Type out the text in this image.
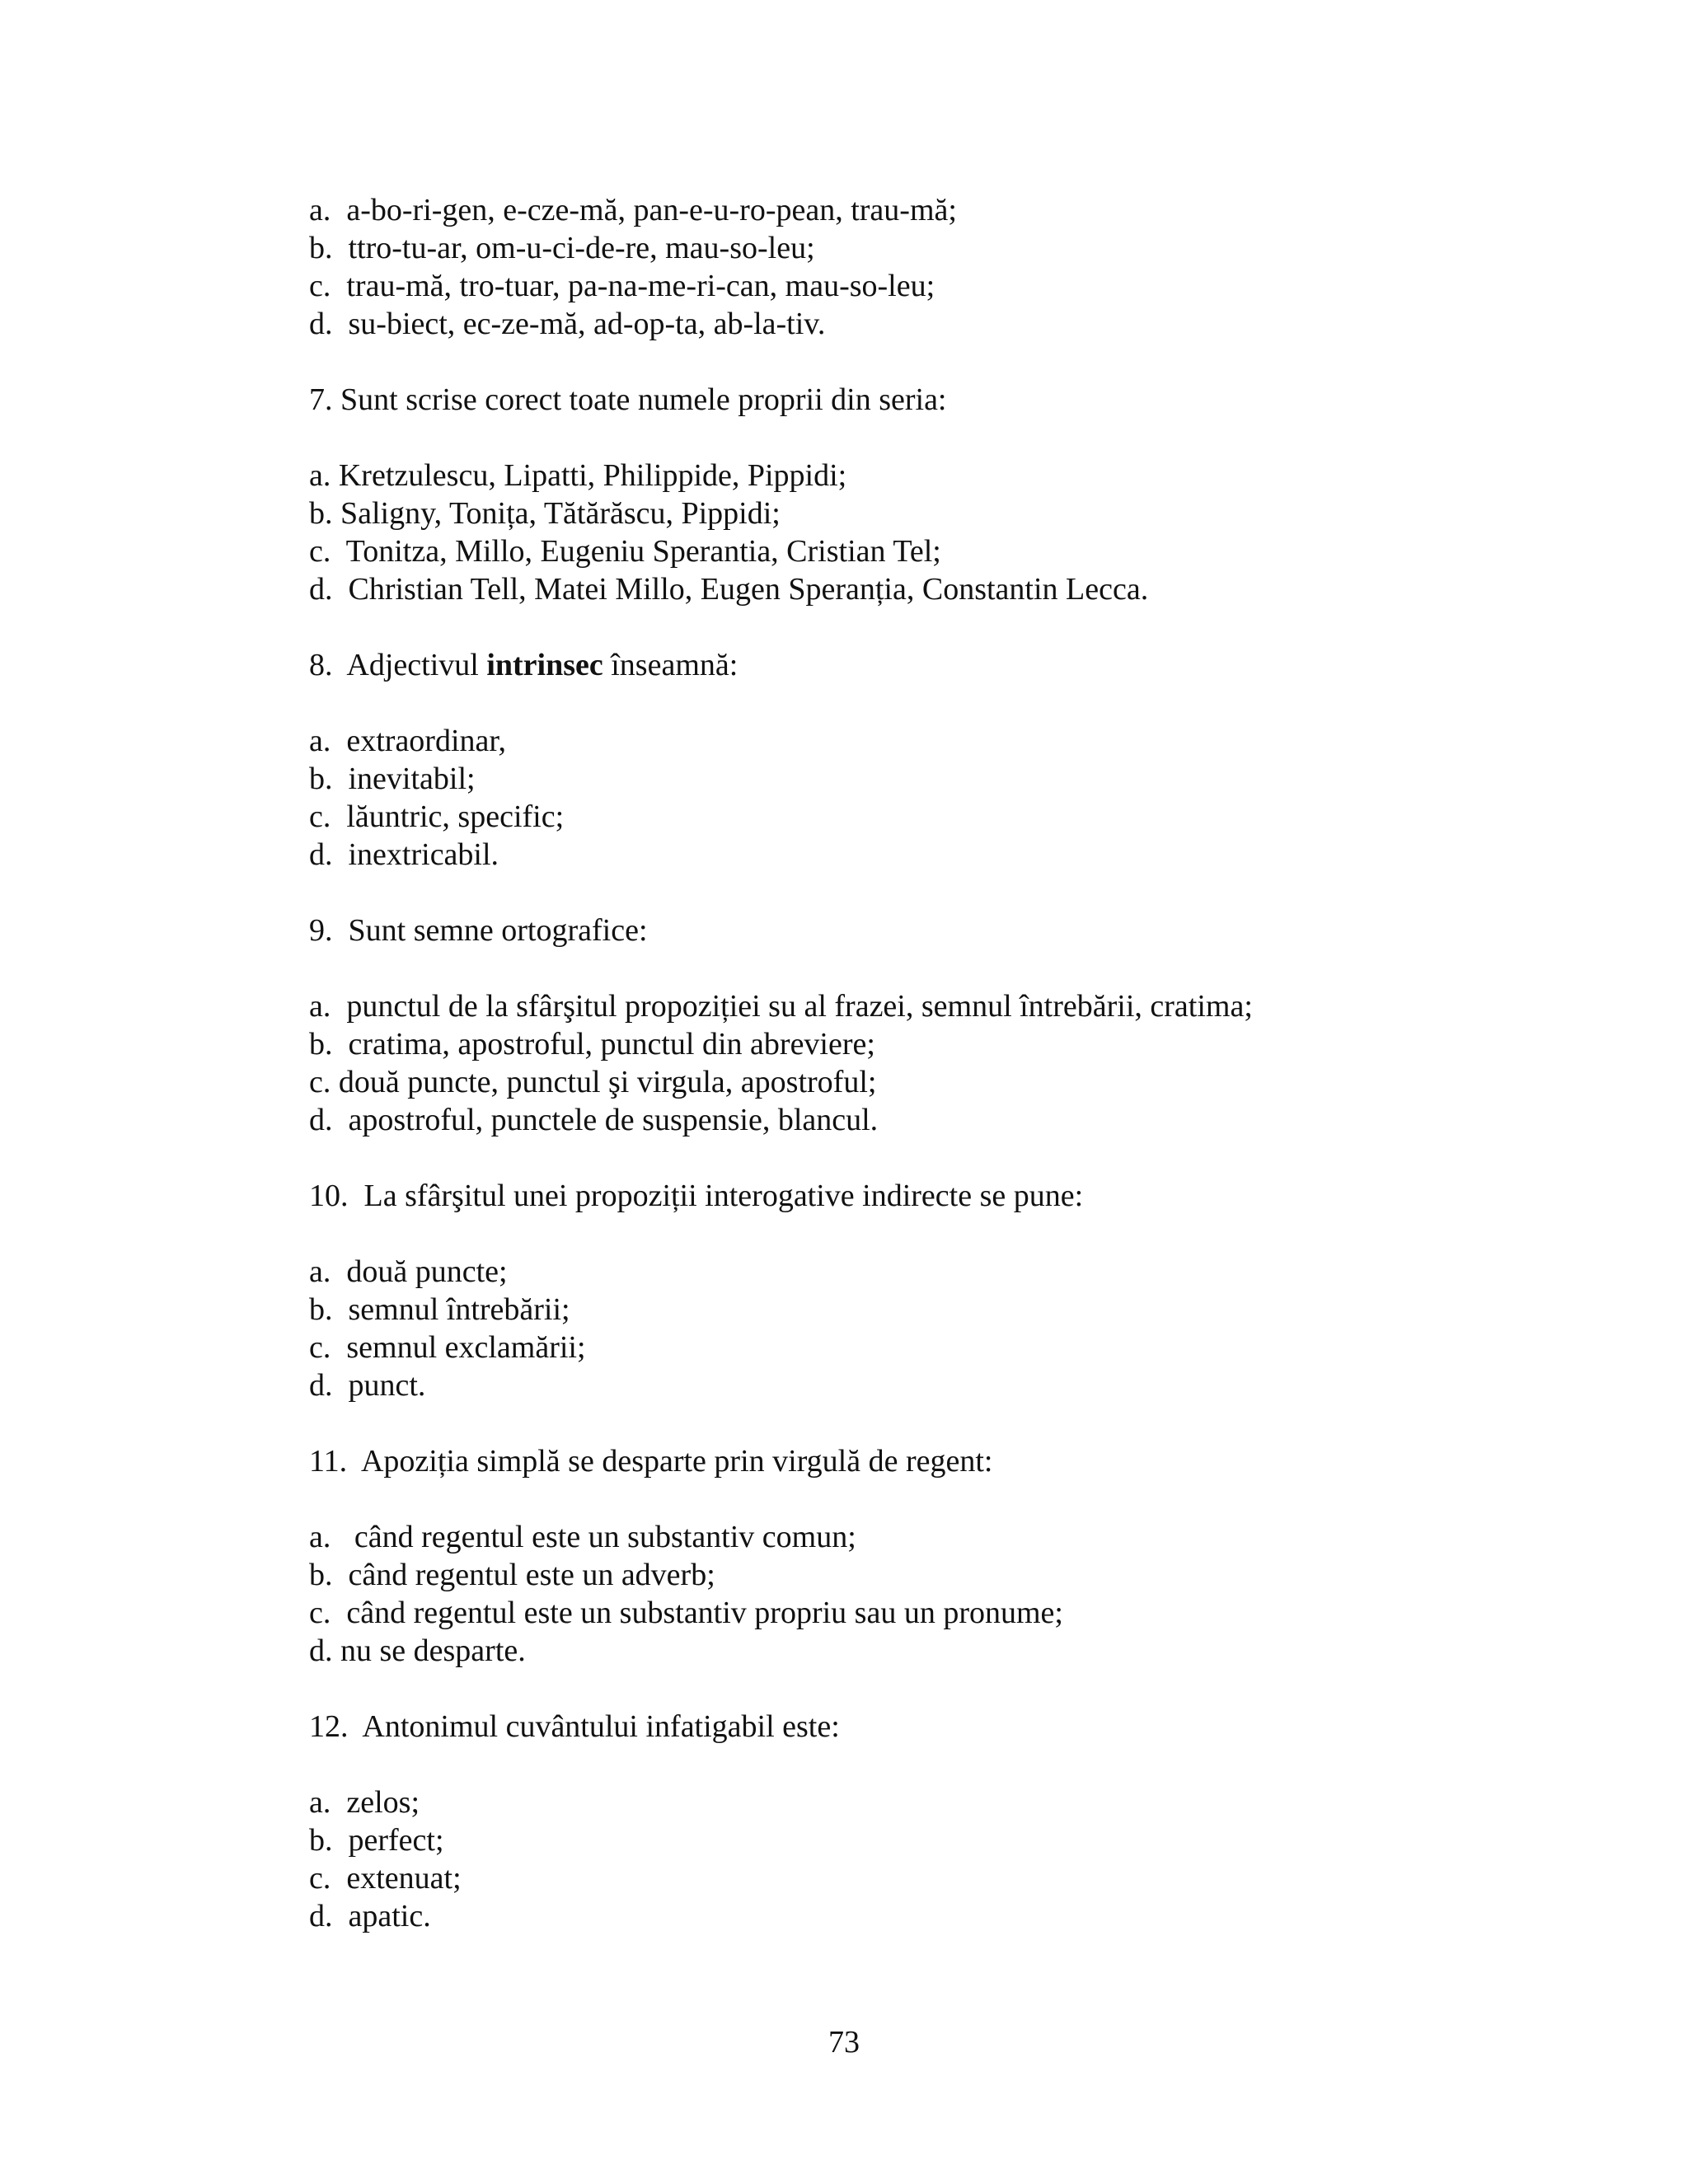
a.  a-bo-ri-gen, e-cze-mă, pan-e-u-ro-pean, trau-mă;
b.  ttro-tu-ar, om-u-ci-de-re, mau-so-leu;
c.  trau-mă, tro-tuar, pa-na-me-ri-can, mau-so-leu;
d.  su-biect, ec-ze-mă, ad-op-ta, ab-la-tiv.
7. Sunt scrise corect toate numele proprii din seria:
a. Kretzulescu, Lipatti, Philippide, Pippidi;
b. Saligny, Tonița, Tătărăscu, Pippidi;
c.  Tonitza, Millo, Eugeniu Sperantia, Cristian Tel;
d.  Christian Tell, Matei Millo, Eugen Speranția, Constantin Lecca.
8.  Adjectivul intrinsec înseamnă:
a.  extraordinar,
b.  inevitabil;
c.  lăuntric, specific;
d.  inextricabil.
9.  Sunt semne ortografice:
a.  punctul de la sfârşitul propoziției su al frazei, semnul întrebării, cratima;
b.  cratima, apostroful, punctul din abreviere;
c. două puncte, punctul şi virgula, apostroful;
d.  apostroful, punctele de suspensie, blancul.
10.  La sfârşitul unei propoziții interogative indirecte se pune:
a.  două puncte;
b.  semnul întrebării;
c.  semnul exclamării;
d.  punct.
11.  Apoziția simplă se desparte prin virgulă de regent:
a.   când regentul este un substantiv comun;
b.  când regentul este un adverb;
c.  când regentul este un substantiv propriu sau un pronume;
d. nu se desparte.
12.  Antonimul cuvântului infatigabil este:
a.  zelos;
b.  perfect;
c.  extenuat;
d.  apatic.
73
